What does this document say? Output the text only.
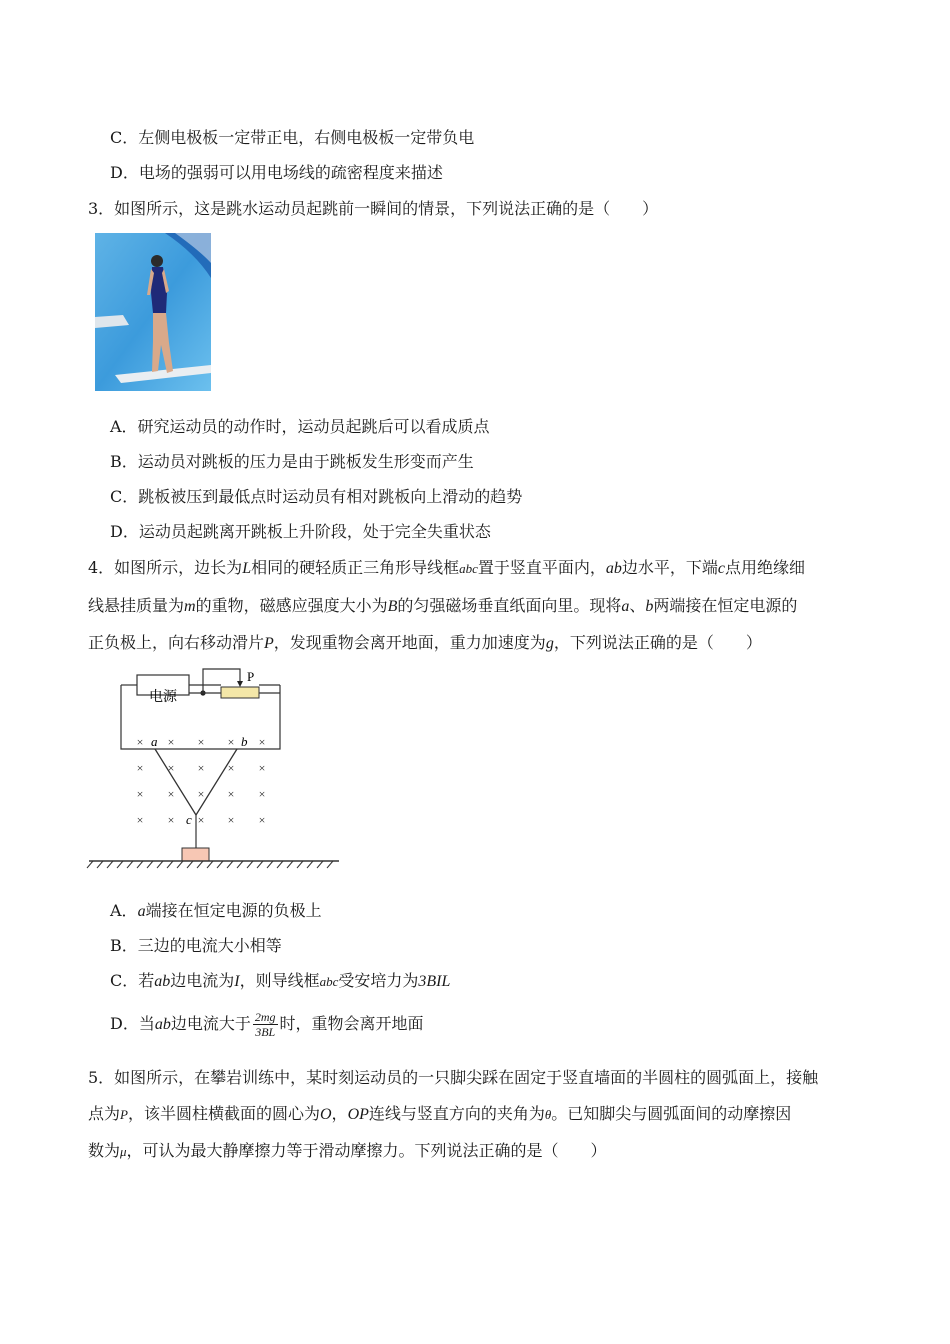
C．左侧电极板一定带正电，右侧电极板一定带负电
D．电场的强弱可以用电场线的疏密程度来描述
3．如图所示，这是跳水运动员起跳前一瞬间的情景，下列说法正确的是（　　）
A．研究运动员的动作时，运动员起跳后可以看成质点
B．运动员对跳板的压力是由于跳板发生形变而产生
C．跳板被压到最低点时运动员有相对跳板向上滑动的趋势
D．运动员起跳离开跳板上升阶段，处于完全失重状态
4．如图所示，边长为L相同的硬轻质正三角形导线框abc置于竖直平面内，ab边水平，下端c点用绝缘细
线悬挂质量为m的重物，磁感应强度大小为B的匀强磁场垂直纸面向里。现将a、b两端接在恒定电源的
正负极上，向右移动滑片P，发现重物会离开地面，重力加速度为g，下列说法正确的是（　　）
电源
P
× × × × ×
× × × × ×
× × × × ×
× × × × ×
a	b
c
A．a端接在恒定电源的负极上
B．三边的电流大小相等
C．若ab边电流为I，则导线框abc受安培力为3BIL
D．当ab边电流大于 $\frac{2mg}{3BL}$ 时，重物会离开地面
5．如图所示，在攀岩训练中，某时刻运动员的一只脚尖踩在固定于竖直墙面的半圆柱的圆弧面上，接触
点为P，该半圆柱横截面的圆心为O，OP连线与竖直方向的夹角为θ。已知脚尖与圆弧面间的动摩擦因
数为μ，可认为最大静摩擦力等于滑动摩擦力。下列说法正确的是（　　）
